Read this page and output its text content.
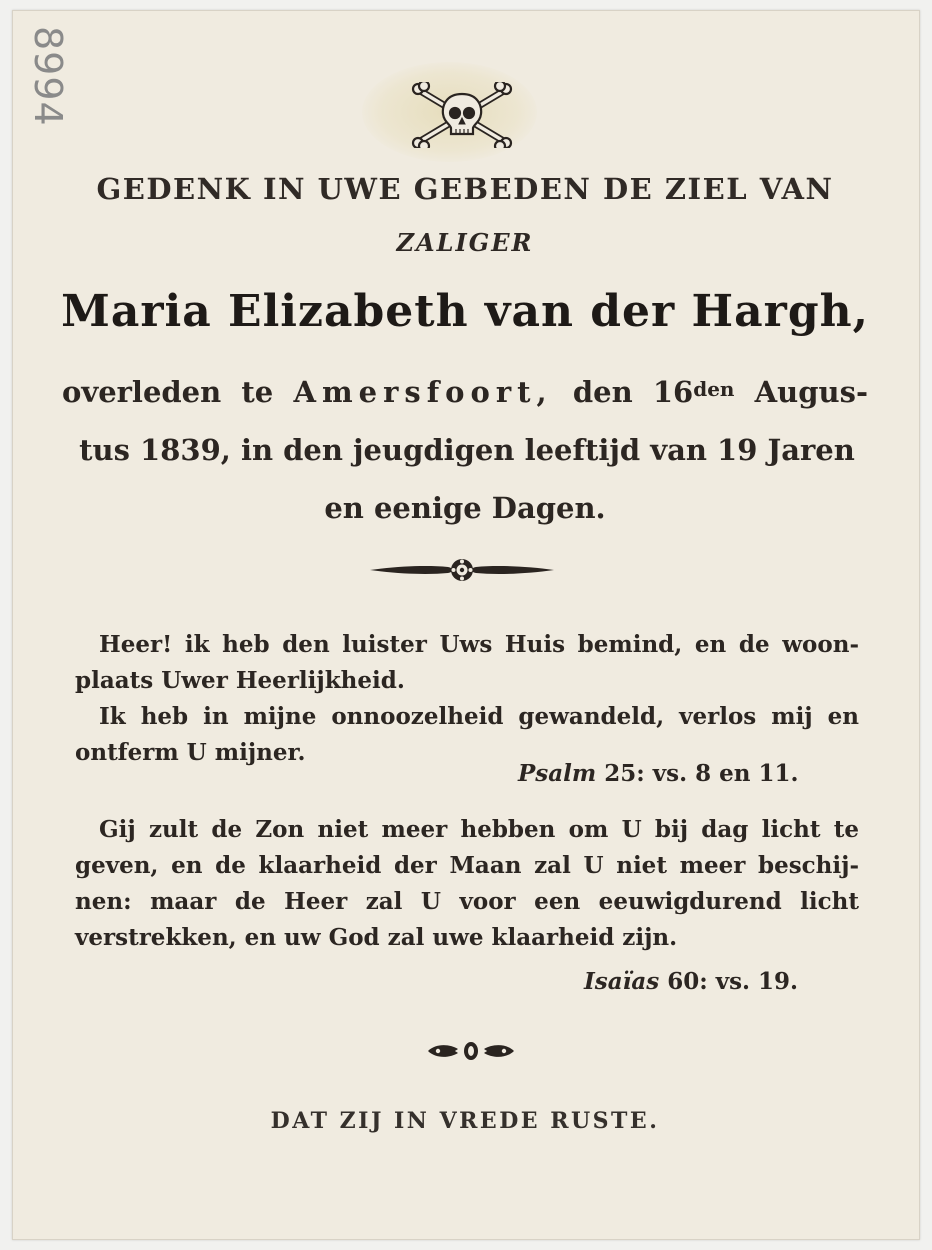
8994
GEDENK IN UWE GEBEDEN DE ZIEL VAN
ZALIGER
Maria Elizabeth van der Hargh,
overleden te Amersfoort, den $16^{den}$ Augus-
tus 1839, in den jeugdigen leeftijd van 19 Jaren
en eenige Dagen.
Heer! ik heb den luister Uws Huis bemind, en de woon-
plaats Uwer Heerlijkheid.
Ik heb in mijne onnoozelheid gewandeld, verlos mij en
ontferm U mijner.
Psalm 25: vs. 8 en 11.
Gij zult de Zon niet meer hebben om U bij dag licht te
geven, en de klaarheid der Maan zal U niet meer beschij-
nen: maar de Heer zal U voor een eeuwigdurend licht
verstrekken, en uw God zal uwe klaarheid zijn.
Isaïas 60: vs. 19.
DAT ZIJ IN VREDE RUSTE.
